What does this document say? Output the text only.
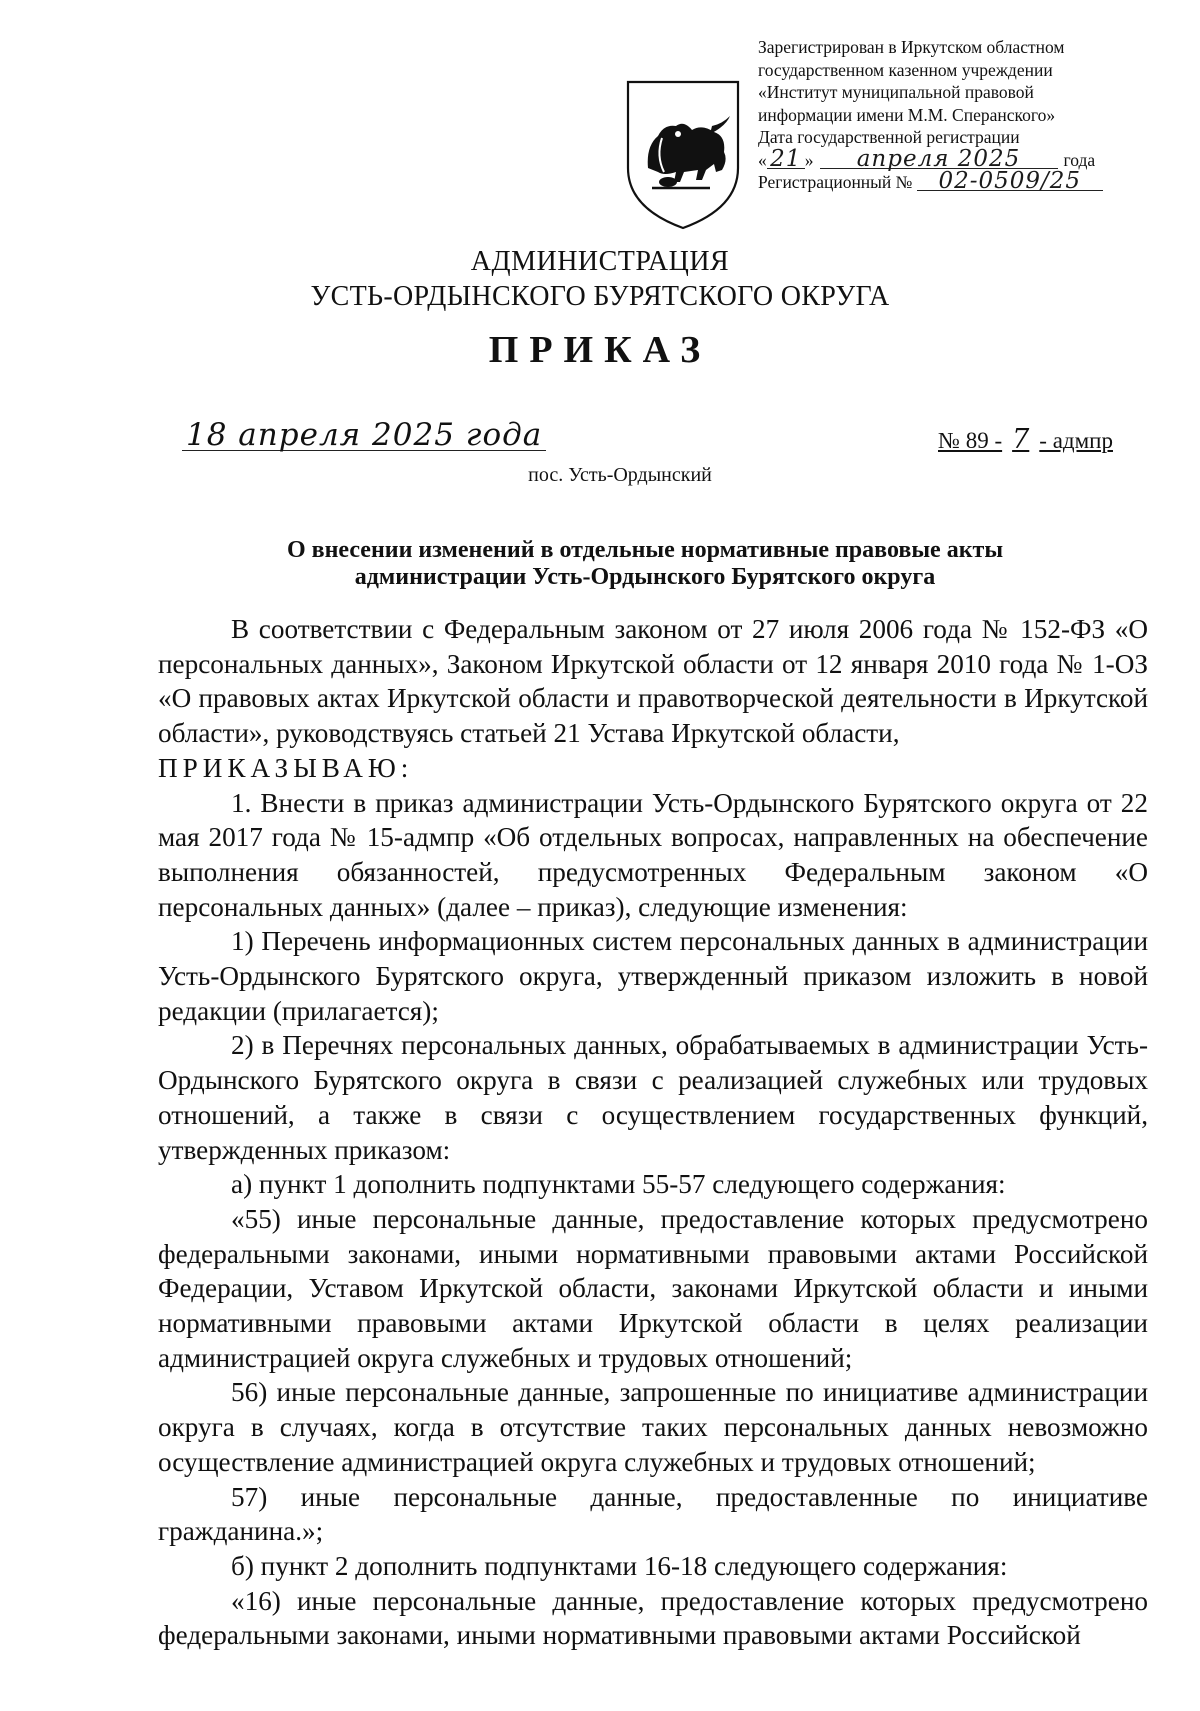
Зарегистрирован в Иркутском областном
государственном казенном учреждении
«Институт муниципальной правовой
информации имени М.М. Сперанского»
Дата государственной регистрации
« 21 » апреля 2025 года
Регистрационный № 02-0509/25
АДМИНИСТРАЦИЯ
УСТЬ-ОРДЫНСКОГО БУРЯТСКОГО ОКРУГА
ПРИКАЗ
18 апреля 2025 года	№ 89 - 7 - адмпр
пос. Усть-Ордынский
О внесении изменений в отдельные нормативные правовые акты
администрации Усть-Ордынского Бурятского округа

В соответствии с Федеральным законом от 27 июля 2006 года № 152-ФЗ «О персональных данных», Законом Иркутской области от 12 января 2010 года № 1-ОЗ «О правовых актах Иркутской области и правотворческой деятельности в Иркутской области», руководствуясь статьей 21 Устава Иркутской области,

ПРИКАЗЫВАЮ:

1. Внести в приказ администрации Усть-Ордынского Бурятского округа от 22 мая 2017 года № 15-адмпр «Об отдельных вопросах, направленных на обеспечение выполнения обязанностей, предусмотренных Федеральным законом «О персональных данных» (далее – приказ), следующие изменения:

1) Перечень информационных систем персональных данных в администрации Усть-Ордынского Бурятского округа, утвержденный приказом изложить в новой редакции (прилагается);

2) в Перечнях персональных данных, обрабатываемых в администрации Усть-Ордынского Бурятского округа в связи с реализацией служебных или трудовых отношений, а также в связи с осуществлением государственных функций, утвержденных приказом:

а) пункт 1 дополнить подпунктами 55-57 следующего содержания:

«55) иные персональные данные, предоставление которых предусмотрено федеральными законами, иными нормативными правовыми актами Российской Федерации, Уставом Иркутской области, законами Иркутской области и иными нормативными правовыми актами Иркутской области в целях реализации администрацией округа служебных и трудовых отношений;

56) иные персональные данные, запрошенные по инициативе администрации округа в случаях, когда в отсутствие таких персональных данных невозможно осуществление администрацией округа служебных и трудовых отношений;

57) иные персональные данные, предоставленные по инициативе гражданина.»;

б) пункт 2 дополнить подпунктами 16-18 следующего содержания:

«16) иные персональные данные, предоставление которых предусмотрено федеральными законами, иными нормативными правовыми актами Российской
